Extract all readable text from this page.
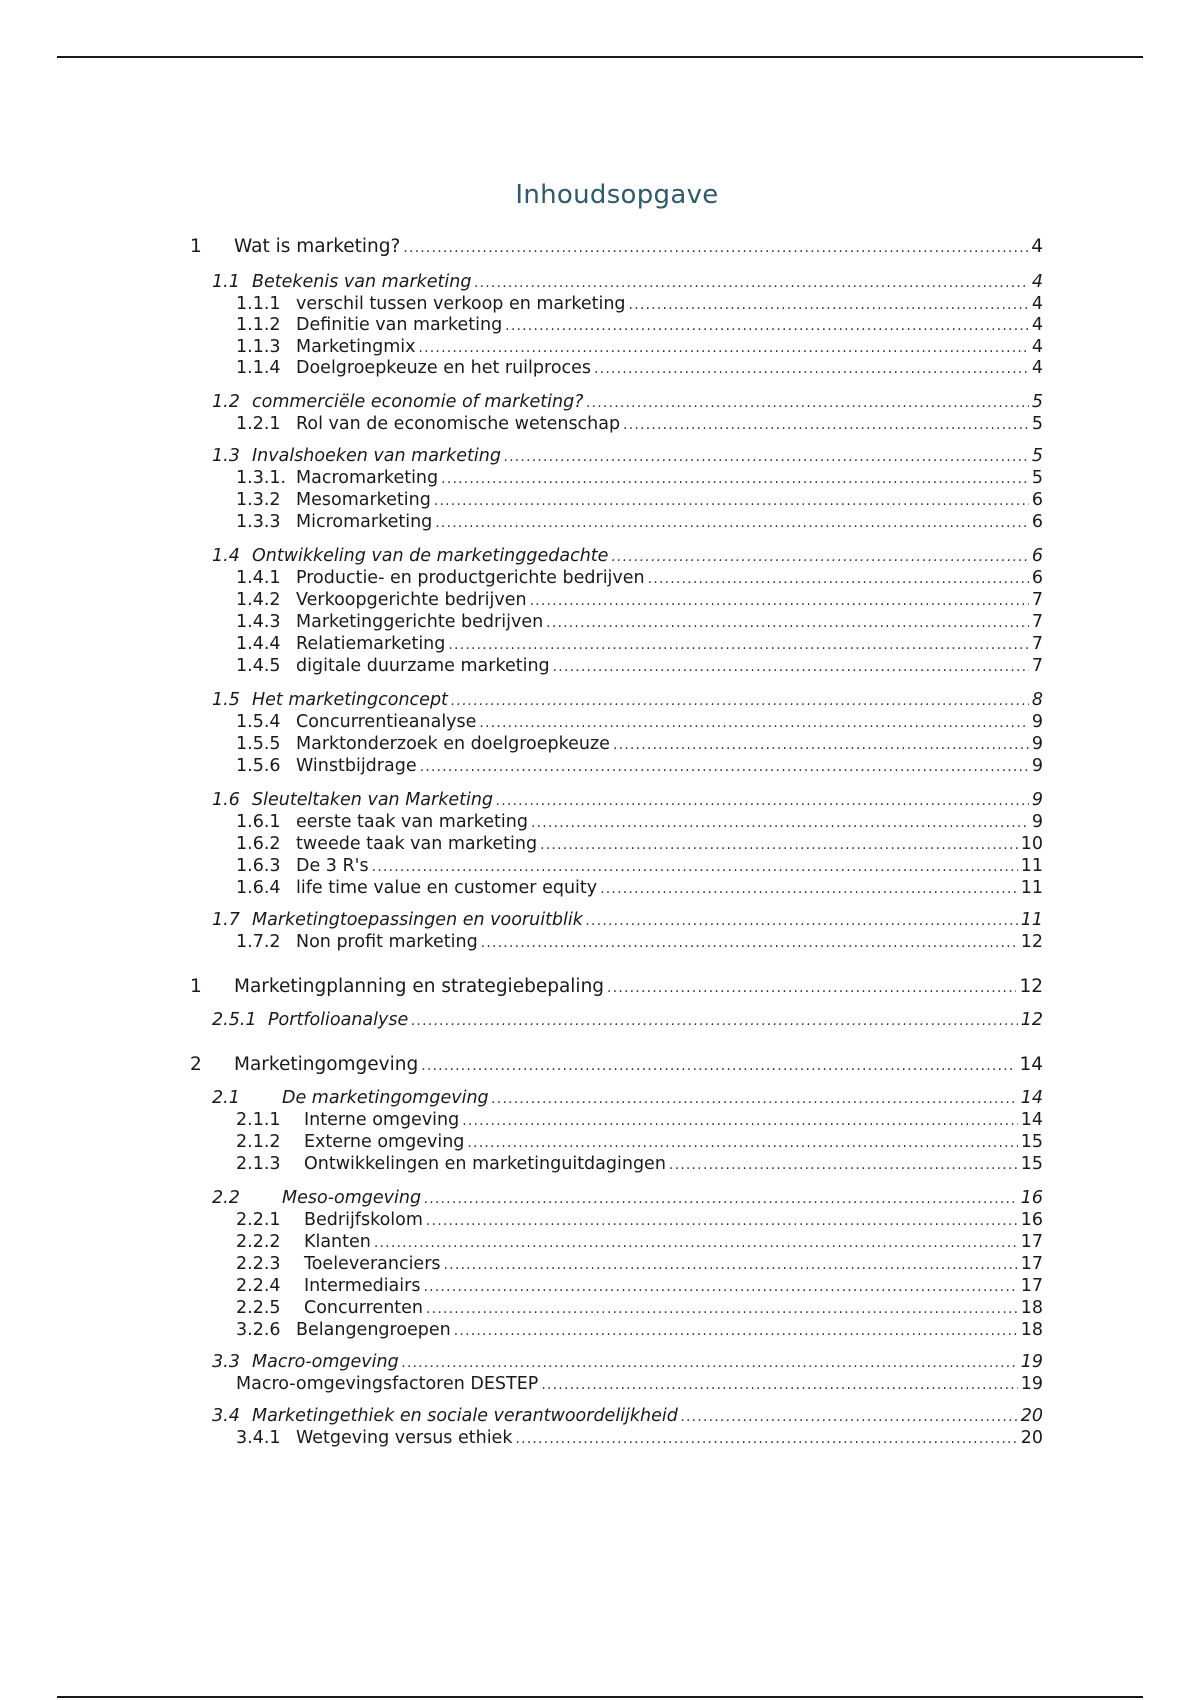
Inhoudsopgave
1	Wat is marketing? .....	4
1.1 Betekenis van marketing .....	4
1.1.1 verschil tussen verkoop en marketing .....	4
1.1.2 Definitie van marketing .....	4
1.1.3 Marketingmix .....	4
1.1.4 Doelgroepkeuze en het ruilproces .....	4
1.2 commerciële economie of marketing? .....	5
1.2.1 Rol van de economische wetenschap .....	5
1.3 Invalshoeken van marketing .....	5
1.3.1. Macromarketing .....	5
1.3.2 Mesomarketing .....	6
1.3.3 Micromarketing .....	6
1.4 Ontwikkeling van de marketinggedachte .....	6
1.4.1 Productie- en productgerichte bedrijven .....	6
1.4.2 Verkoopgerichte bedrijven .....	7
1.4.3 Marketinggerichte bedrijven .....	7
1.4.4 Relatiemarketing .....	7
1.4.5 digitale duurzame marketing .....	7
1.5 Het marketingconcept .....	8
1.5.4 Concurrentieanalyse .....	9
1.5.5 Marktonderzoek en doelgroepkeuze .....	9
1.5.6 Winstbijdrage .....	9
1.6 Sleuteltaken van Marketing .....	9
1.6.1 eerste taak van marketing .....	9
1.6.2 tweede taak van marketing .....	10
1.6.3 De 3 R's .....	11
1.6.4 life time value en customer equity .....	11
1.7 Marketingtoepassingen en vooruitblik .....	11
1.7.2 Non profit marketing .....	12
1	Marketingplanning en strategiebepaling .....	12
2.5.1 Portfolioanalyse .....	12
2	Marketingomgeving .....	14
2.1	De marketingomgeving .....	14
2.1.1	Interne omgeving .....	14
2.1.2	Externe omgeving .....	15
2.1.3	Ontwikkelingen en marketinguitdagingen .....	15
2.2	Meso-omgeving .....	16
2.2.1	Bedrijfskolom .....	16
2.2.2	Klanten .....	17
2.2.3	Toeleveranciers .....	17
2.2.4	Intermediairs .....	17
2.2.5	Concurrenten .....	18
3.2.6 Belangengroepen .....	18
3.3 Macro-omgeving .....	19
Macro-omgevingsfactoren DESTEP .....	19
3.4 Marketingethiek en sociale verantwoordelijkheid .....	20
3.4.1 Wetgeving versus ethiek .....	20
